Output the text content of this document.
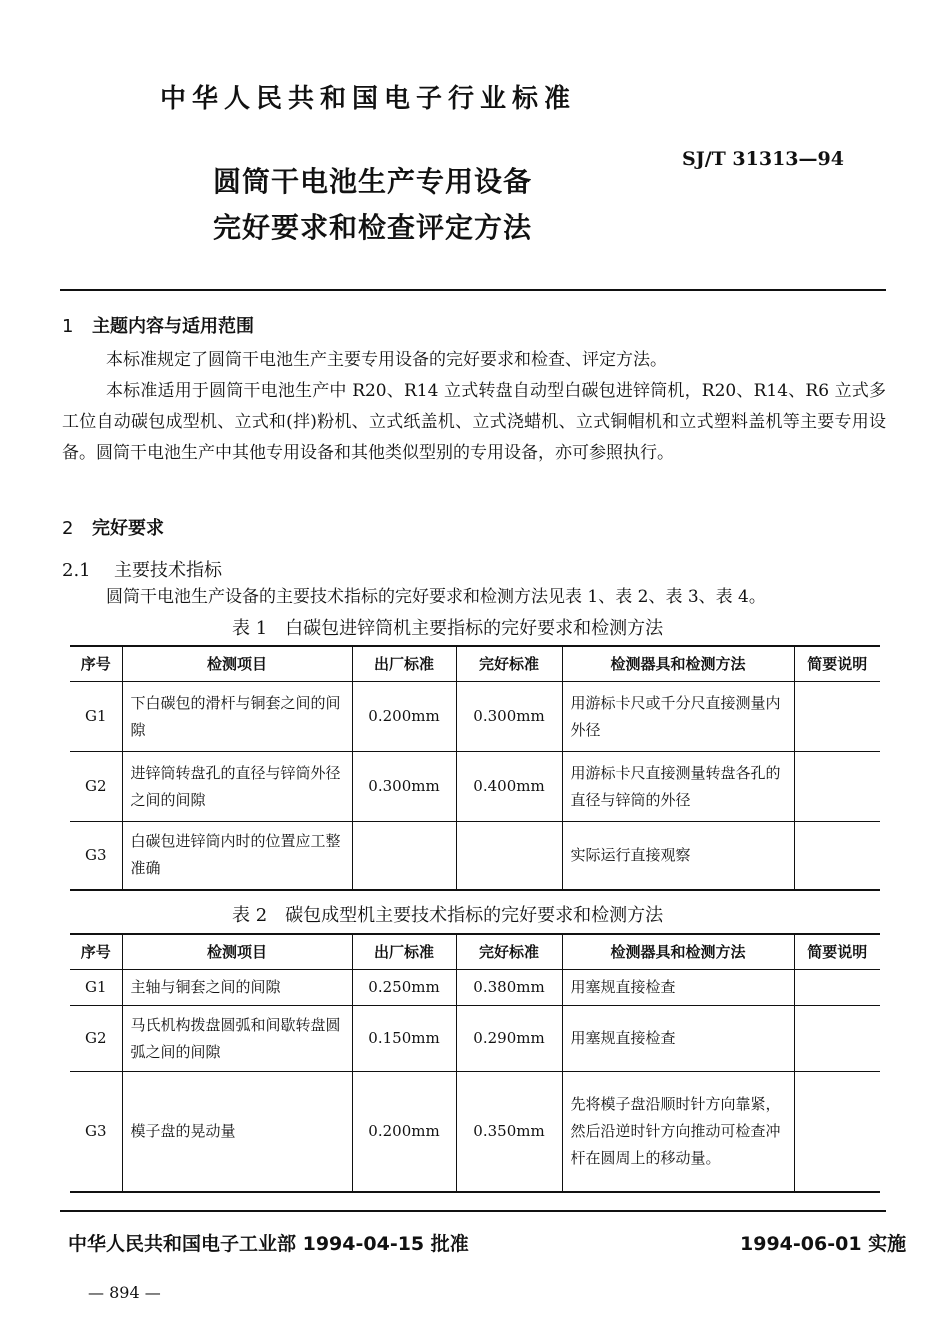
中华人民共和国电子行业标准
SJ/T 31313—94
圆筒干电池生产专用设备
完好要求和检查评定方法
1 主题内容与适用范围
本标准规定了圆筒干电池生产主要专用设备的完好要求和检查、评定方法。
本标准适用于圆筒干电池生产中 R20、R14 立式转盘自动型白碳包进锌筒机，R20、R14、R6 立式多工位自动碳包成型机、立式和(拌)粉机、立式纸盖机、立式浇蜡机、立式铜帽机和立式塑料盖机等主要专用设备。圆筒干电池生产中其他专用设备和其他类似型别的专用设备，亦可参照执行。
2 完好要求
2.1 主要技术指标
圆筒干电池生产设备的主要技术指标的完好要求和检测方法见表 1、表 2、表 3、表 4。
表 1　白碳包进锌筒机主要指标的完好要求和检测方法
序号	检测项目	出厂标准	完好标准	检测器具和检测方法	简要说明
G1	下白碳包的滑杆与铜套之间的间隙	0.200mm	0.300mm	用游标卡尺或千分尺直接测量内外径	
G2	进锌筒转盘孔的直径与锌筒外径之间的间隙	0.300mm	0.400mm	用游标卡尺直接测量转盘各孔的直径与锌筒的外径	
G3	白碳包进锌筒内时的位置应工整准确			实际运行直接观察	
表 2　碳包成型机主要技术指标的完好要求和检测方法
序号	检测项目	出厂标准	完好标准	检测器具和检测方法	简要说明
G1	主轴与铜套之间的间隙	0.250mm	0.380mm	用塞规直接检查	
G2	马氏机构拨盘圆弧和间歇转盘圆弧之间的间隙	0.150mm	0.290mm	用塞规直接检查	
G3	模子盘的晃动量	0.200mm	0.350mm	先将模子盘沿顺时针方向靠紧，然后沿逆时针方向推动可检查冲杆在圆周上的移动量。	
中华人民共和国电子工业部 1994-04-15 批准	1994-06-01 实施
— 894 —
